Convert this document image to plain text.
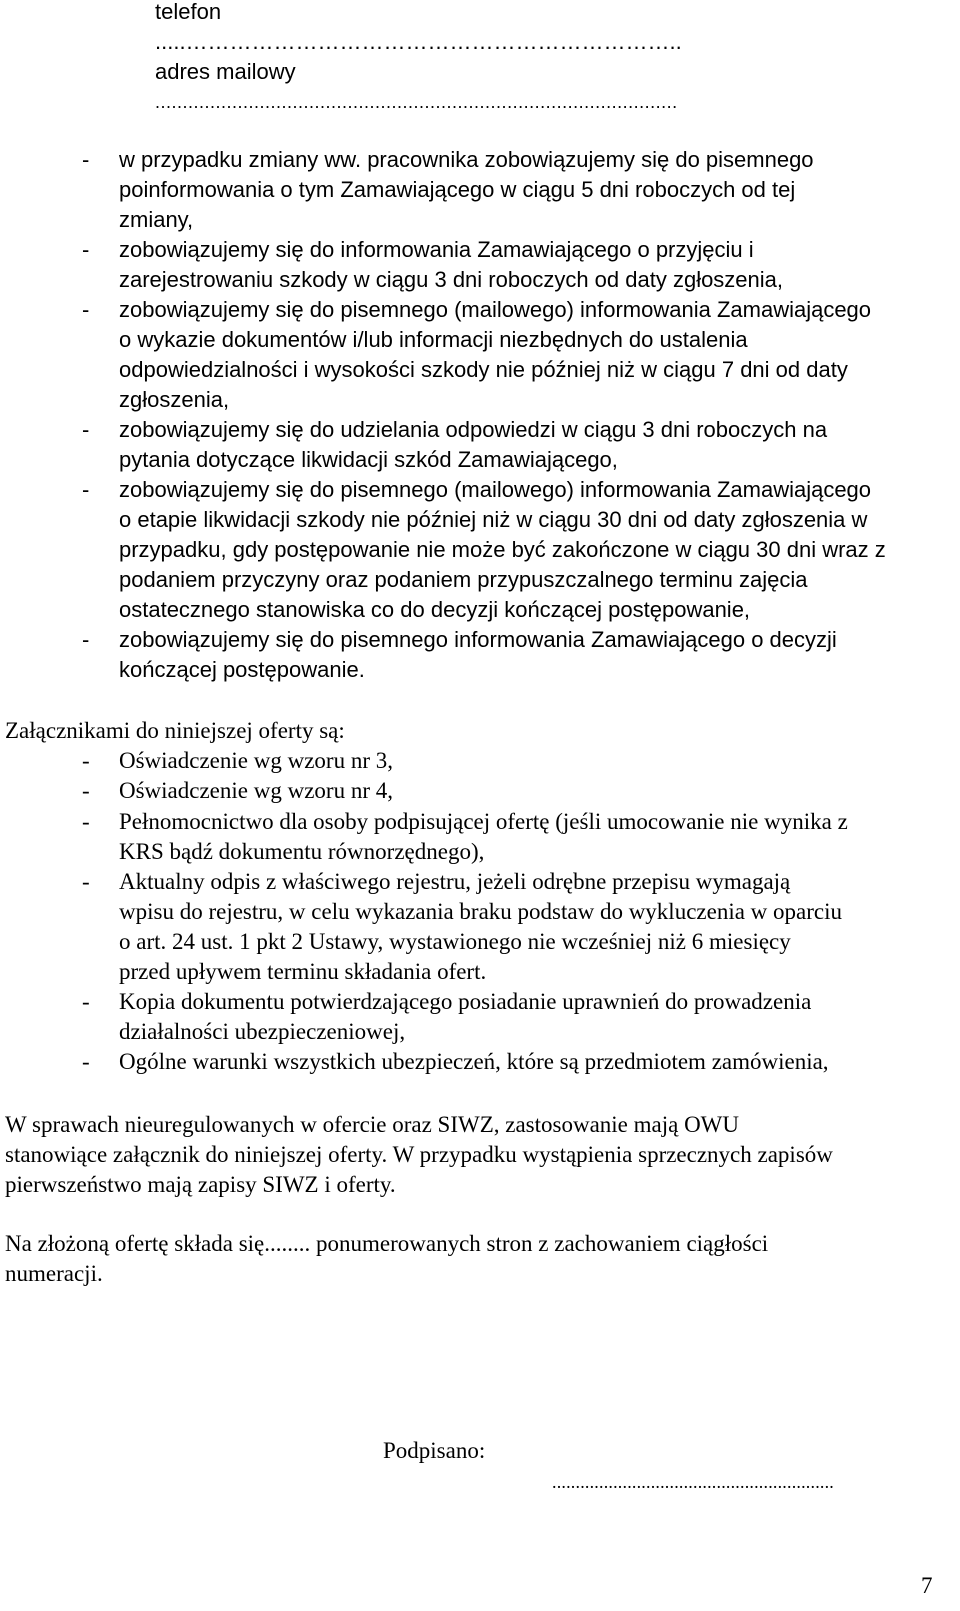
telefon
.....…………………………………………………………..
adres mailowy
...............................................................................................
- w przypadku zmiany ww. pracownika zobowiązujemy się do pisemnego
poinformowania o tym Zamawiającego w ciągu 5 dni roboczych od tej
zmiany,
- zobowiązujemy się do informowania Zamawiającego o przyjęciu i
zarejestrowaniu szkody w ciągu 3 dni roboczych od daty zgłoszenia,
- zobowiązujemy się do pisemnego (mailowego) informowania Zamawiającego
o wykazie dokumentów i/lub informacji niezbędnych do ustalenia
odpowiedzialności i wysokości szkody nie później niż w ciągu 7 dni od daty
zgłoszenia,
- zobowiązujemy się do udzielania odpowiedzi w ciągu 3 dni roboczych na
pytania dotyczące likwidacji szkód Zamawiającego,
- zobowiązujemy się do pisemnego (mailowego) informowania Zamawiającego
o etapie likwidacji szkody nie później niż w ciągu 30 dni od daty zgłoszenia w
przypadku, gdy postępowanie nie może być zakończone w ciągu 30 dni wraz z
podaniem przyczyny oraz podaniem przypuszczalnego terminu zajęcia
ostatecznego stanowiska co do decyzji kończącej postępowanie,
- zobowiązujemy się do pisemnego informowania Zamawiającego o decyzji
kończącej postępowanie.
Załącznikami do niniejszej oferty są:
- Oświadczenie wg wzoru nr 3,
- Oświadczenie wg wzoru nr 4,
- Pełnomocnictwo dla osoby podpisującej ofertę (jeśli umocowanie nie wynika z
KRS bądź dokumentu równorzędnego),
- Aktualny odpis z właściwego rejestru, jeżeli odrębne przepisu wymagają
wpisu do rejestru, w celu wykazania braku podstaw do wykluczenia w oparciu
o art. 24 ust. 1 pkt 2 Ustawy, wystawionego nie wcześniej niż 6 miesięcy
przed upływem terminu składania ofert.
- Kopia dokumentu potwierdzającego posiadanie uprawnień do prowadzenia
działalności ubezpieczeniowej,
- Ogólne warunki wszystkich ubezpieczeń, które są przedmiotem zamówienia,
W sprawach nieuregulowanych w ofercie oraz SIWZ, zastosowanie mają OWU
stanowiące załącznik do niniejszej oferty. W przypadku wystąpienia sprzecznych zapisów
pierwszeństwo mają zapisy SIWZ i oferty.
Na złożoną ofertę składa się........ ponumerowanych stron z zachowaniem ciągłości
numeracji.
Podpisano:
............................................................
7
